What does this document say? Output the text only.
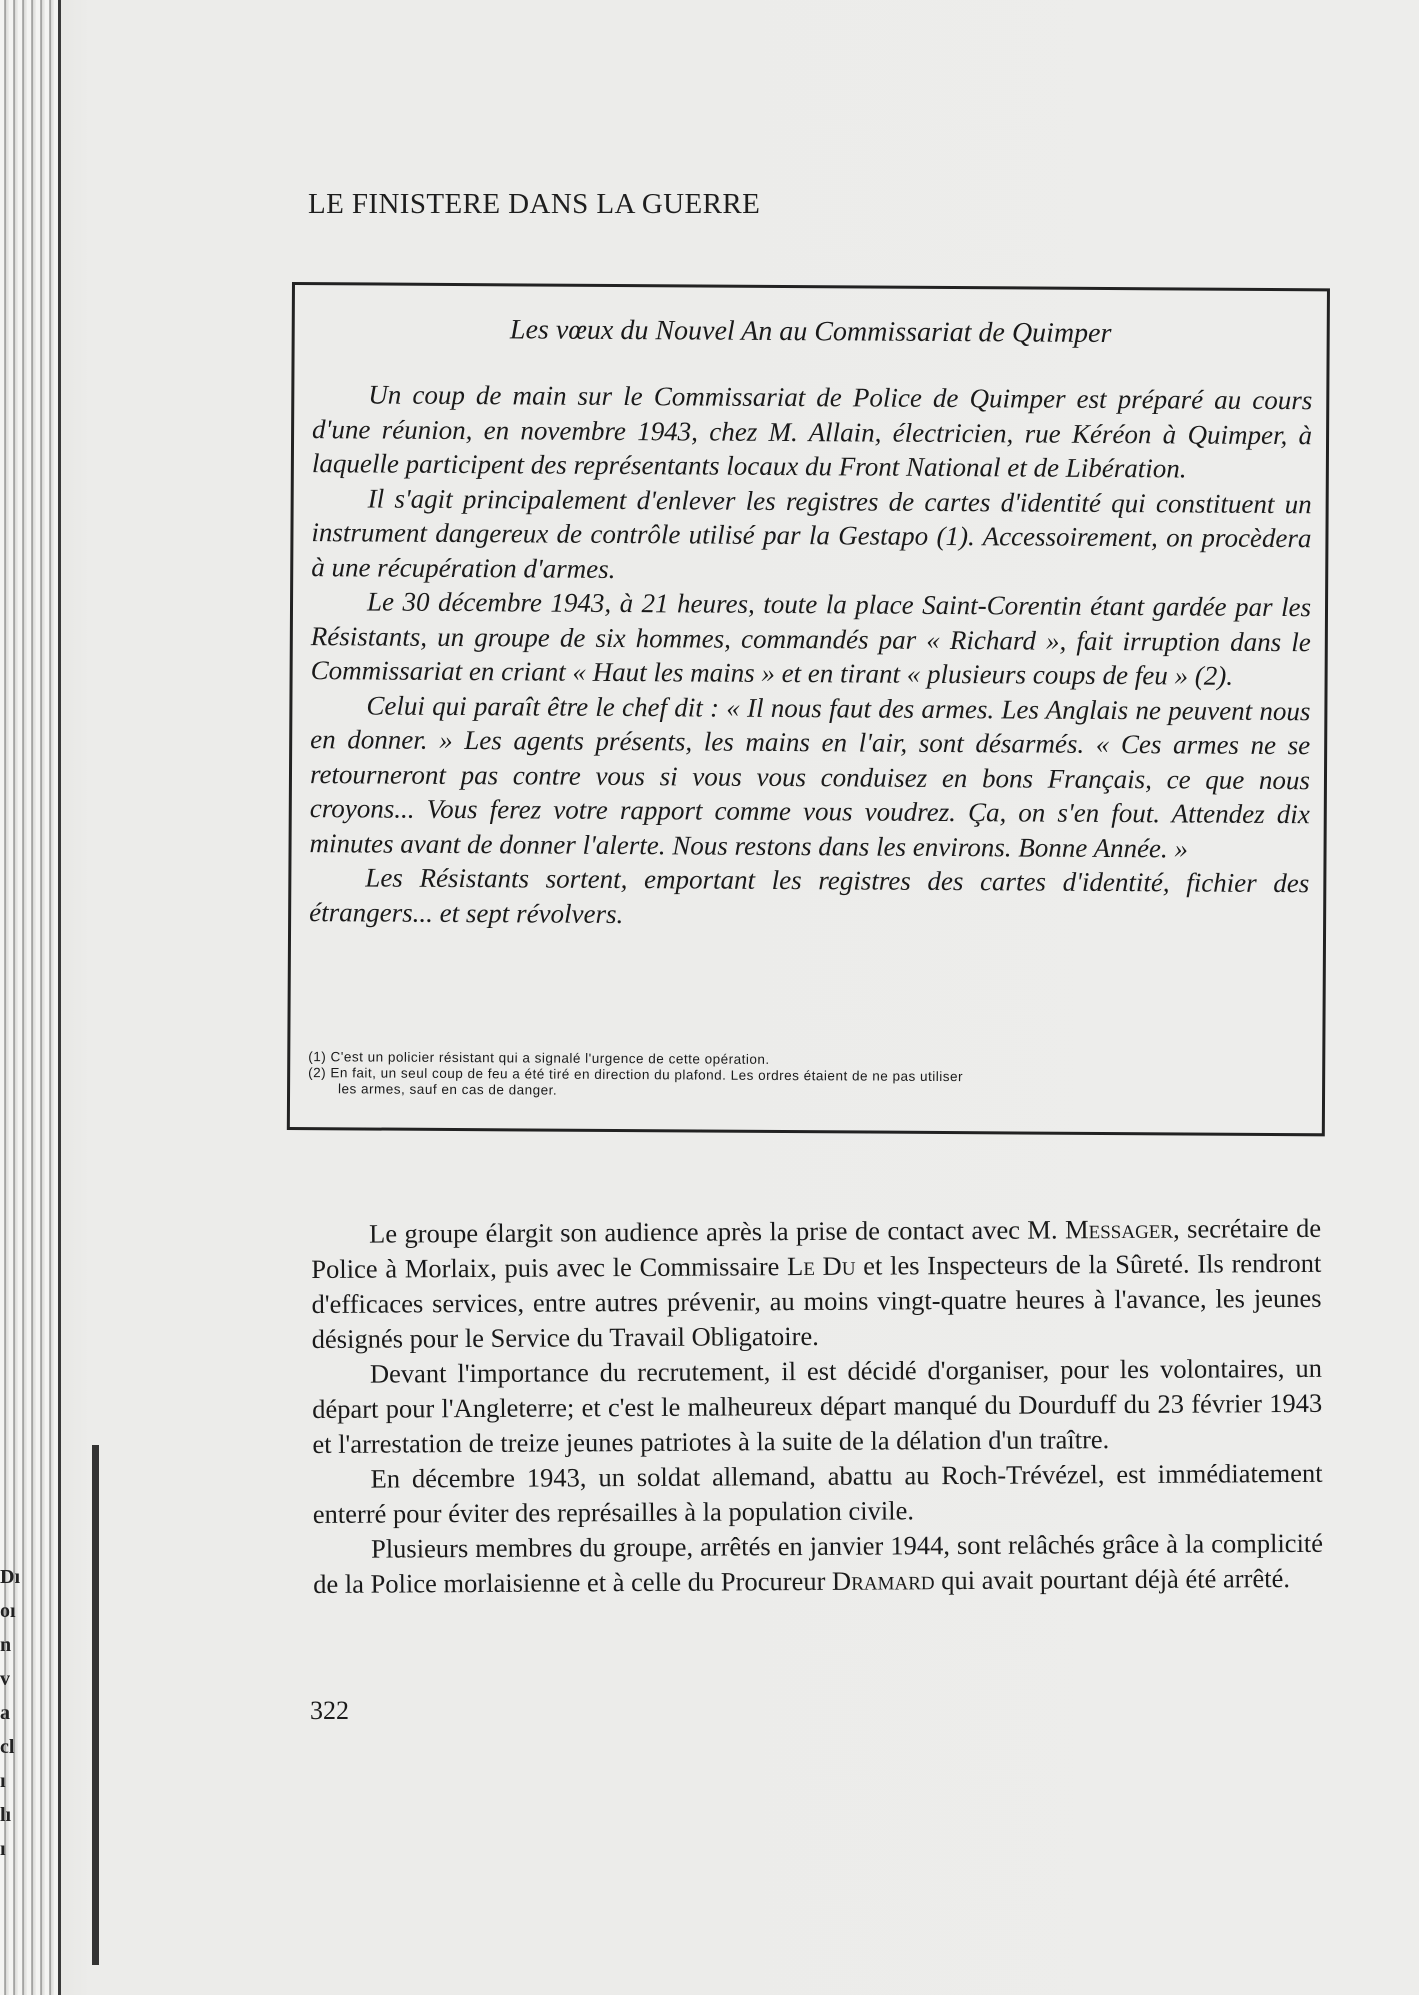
Dı
oı
n
v
a
cl
ı
lı
ı
LE FINISTERE DANS LA GUERRE
Les vœux du Nouvel An au Commissariat de Quimper

Un coup de main sur le Commissariat de Police de Quimper est préparé au cours d'une réunion, en novembre 1943, chez M. Allain, électricien, rue Kéréon à Quimper, à laquelle participent des représentants locaux du Front National et de Libération.

Il s'agit principalement d'enlever les registres de cartes d'identité qui constituent un instrument dangereux de contrôle utilisé par la Gestapo (1). Accessoirement, on procèdera à une récupération d'armes.

Le 30 décembre 1943, à 21 heures, toute la place Saint-Corentin étant gardée par les Résistants, un groupe de six hommes, commandés par « Richard », fait irruption dans le Commissariat en criant « Haut les mains » et en tirant « plusieurs coups de feu » (2).

Celui qui paraît être le chef dit : « Il nous faut des armes. Les Anglais ne peuvent nous en donner. » Les agents présents, les mains en l'air, sont désarmés. « Ces armes ne se retourneront pas contre vous si vous vous conduisez en bons Français, ce que nous croyons... Vous ferez votre rapport comme vous voudrez. Ça, on s'en fout. Attendez dix minutes avant de donner l'alerte. Nous restons dans les environs. Bonne Année. »

Les Résistants sortent, emportant les registres des cartes d'identité, fichier des étrangers... et sept révolvers.

(1) C'est un policier résistant qui a signalé l'urgence de cette opération.
(2) En fait, un seul coup de feu a été tiré en direction du plafond. Les ordres étaient de ne pas utiliser
les armes, sauf en cas de danger.

Le groupe élargit son audience après la prise de contact avec M. Messager, secrétaire de Police à Morlaix, puis avec le Commissaire Le Du et les Inspecteurs de la Sûreté. Ils rendront d'efficaces services, entre autres prévenir, au moins vingt-quatre heures à l'avance, les jeunes désignés pour le Service du Travail Obligatoire.

Devant l'importance du recrutement, il est décidé d'organiser, pour les volontaires, un départ pour l'Angleterre; et c'est le malheureux départ manqué du Dourduff du 23 février 1943 et l'arrestation de treize jeunes patriotes à la suite de la délation d'un traître.

En décembre 1943, un soldat allemand, abattu au Roch-Trévézel, est immédiatement enterré pour éviter des représailles à la population civile.

Plusieurs membres du groupe, arrêtés en janvier 1944, sont relâchés grâce à la complicité de la Police morlaisienne et à celle du Procureur Dramard qui avait pourtant déjà été arrêté.

322
